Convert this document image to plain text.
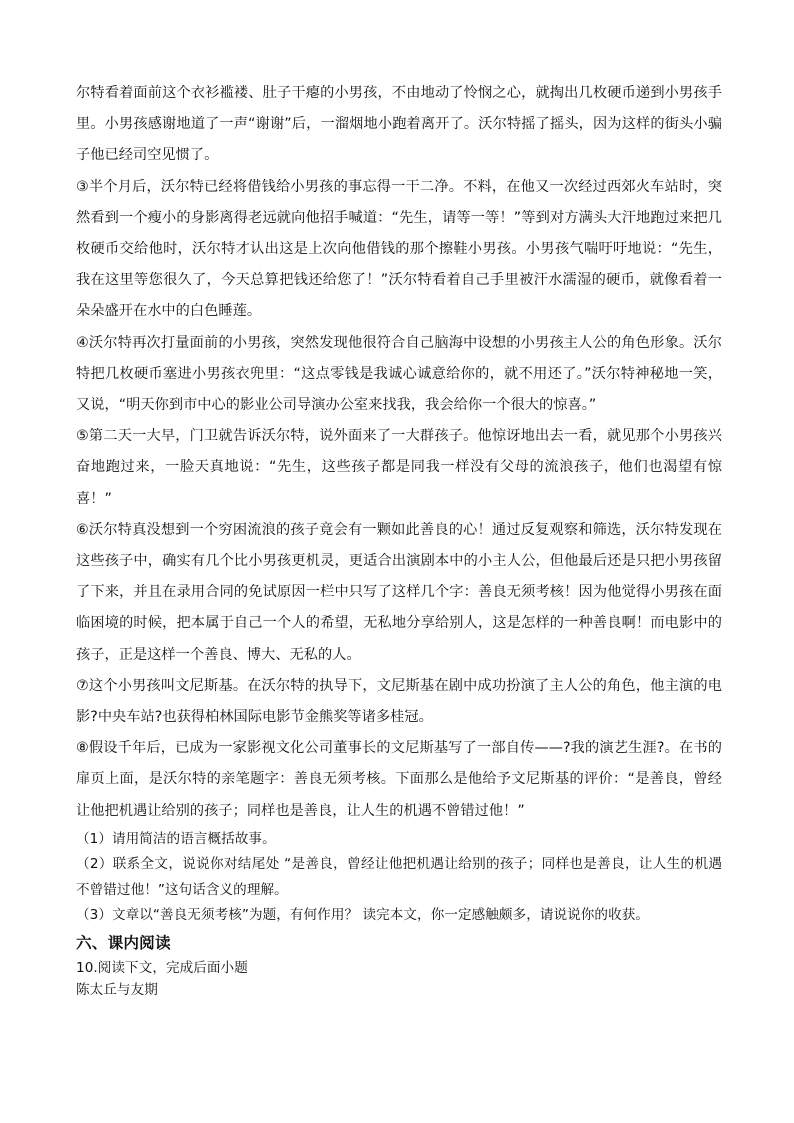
尔特看着面前这个衣衫褴褛、肚子干瘪的小男孩，不由地动了怜悯之心，就掏出几枚硬币递到小男孩手里。小男孩感谢地道了一声“谢谢”后，一溜烟地小跑着离开了。沃尔特摇了摇头，因为这样的街头小骗子他已经司空见惯了。

③半个月后，沃尔特已经将借钱给小男孩的事忘得一干二净。不料，在他又一次经过西郊火车站时，突然看到一个瘦小的身影离得老远就向他招手喊道：“先生，请等一等！”等到对方满头大汗地跑过来把几枚硬币交给他时，沃尔特才认出这是上次向他借钱的那个擦鞋小男孩。小男孩气喘吁吁地说：“先生，我在这里等您很久了，今天总算把钱还给您了！”沃尔特看着自己手里被汗水濡湿的硬币，就像看着一朵朵盛开在水中的白色睡莲。

④沃尔特再次打量面前的小男孩，突然发现他很符合自己脑海中设想的小男孩主人公的角色形象。沃尔特把几枚硬币塞进小男孩衣兜里：“这点零钱是我诚心诚意给你的，就不用还了。”沃尔特神秘地一笑，又说，“明天你到市中心的影业公司导演办公室来找我，我会给你一个很大的惊喜。”

⑤第二天一大早，门卫就告诉沃尔特，说外面来了一大群孩子。他惊讶地出去一看，就见那个小男孩兴奋地跑过来，一脸天真地说：“先生，这些孩子都是同我一样没有父母的流浪孩子，他们也渴望有惊喜！”

⑥沃尔特真没想到一个穷困流浪的孩子竟会有一颗如此善良的心！通过反复观察和筛选，沃尔特发现在这些孩子中，确实有几个比小男孩更机灵，更适合出演剧本中的小主人公，但他最后还是只把小男孩留了下来，并且在录用合同的免试原因一栏中只写了这样几个字：善良无须考核！因为他觉得小男孩在面临困境的时候，把本属于自己一个人的希望，无私地分享给别人，这是怎样的一种善良啊！而电影中的孩子，正是这样一个善良、博大、无私的人。

⑦这个小男孩叫文尼斯基。在沃尔特的执导下，文尼斯基在剧中成功扮演了主人公的角色，他主演的电影?中央车站?也获得柏林国际电影节金熊奖等诸多桂冠。

⑧假设千年后，已成为一家影视文化公司董事长的文尼斯基写了一部自传——?我的演艺生涯?。在书的扉页上面，是沃尔特的亲笔题字：善良无须考核。下面那么是他给予文尼斯基的评价：“是善良，曾经让他把机遇让给别的孩子；同样也是善良，让人生的机遇不曾错过他！”

（1）请用简洁的语言概括故事。

（2）联系全文，说说你对结尾处 “是善良，曾经让他把机遇让给别的孩子；同样也是善良，让人生的机遇不曾错过他！”这句话含义的理解。

（3）文章以“善良无须考核”为题，有何作用？ 读完本文，你一定感触颇多，请说说你的收获。

六、课内阅读

10.阅读下文，完成后面小题

陈太丘与友期
